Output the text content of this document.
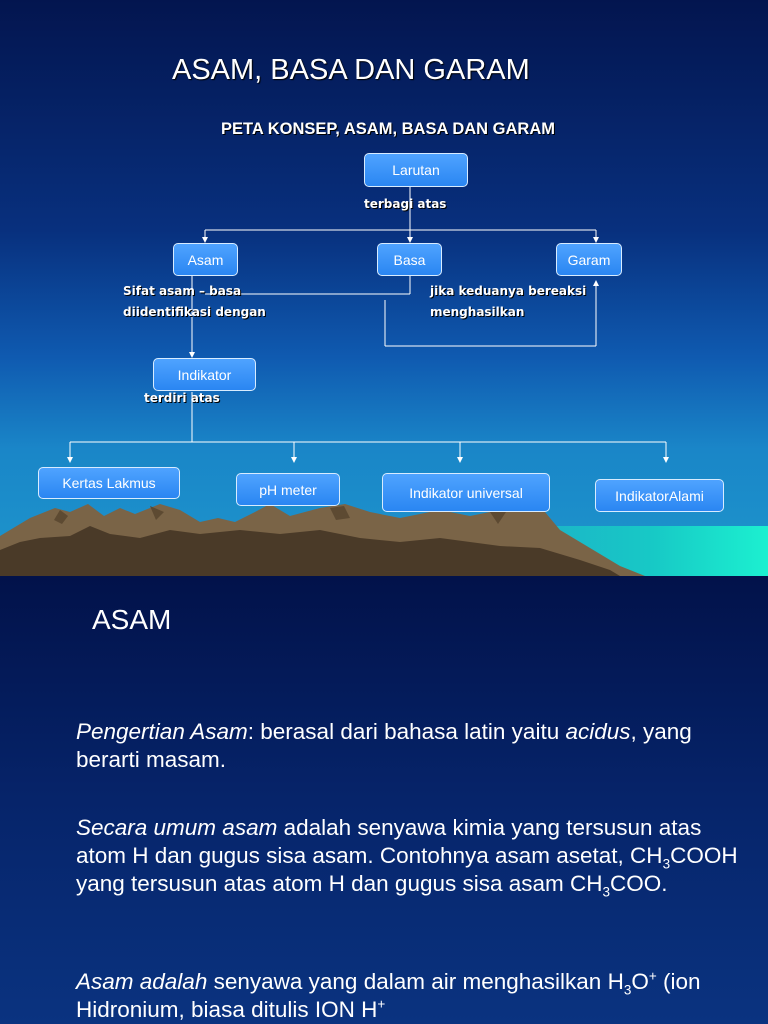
ASAM, BASA DAN GARAM
PETA KONSEP, ASAM, BASA DAN GARAM
Larutan
Asam	Basa	Garam
Indikator
Kertas Lakmus	pH meter	Indikator universal	IndikatorAlami
terbagi atas
Sifat asam – basa
diidentifikasi dengan
jika keduanya bereaksi
menghasilkan
terdiri atas
ASAM
Pengertian Asam: berasal dari bahasa latin yaitu acidus, yang berarti masam.
Secara umum asam adalah senyawa kimia yang tersusun atas atom H dan gugus sisa asam. Contohnya asam asetat, $CH_3COOH$ yang tersusun atas atom H dan gugus sisa asam $CH_3COO$.
Asam adalah senyawa yang dalam air menghasilkan $H_3O^+$ (ion Hidronium, biasa ditulis ION H+
